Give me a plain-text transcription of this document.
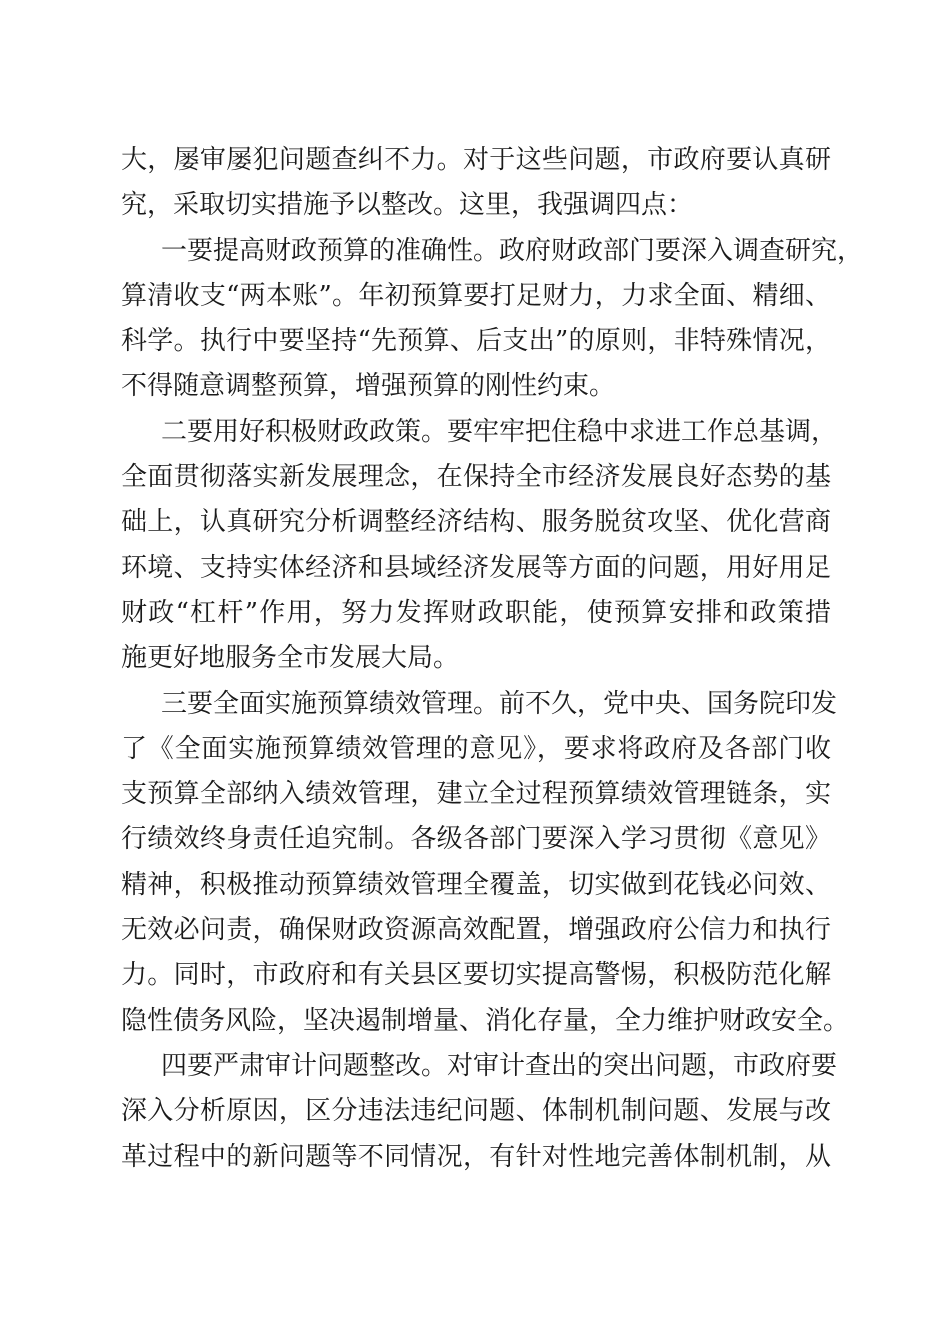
大，屡审屡犯问题查纠不力。对于这些问题，市政府要认真研
究，采取切实措施予以整改。这里，我强调四点：
一要提高财政预算的准确性。政府财政部门要深入调查研究，
算清收支“两本账”。年初预算要打足财力，力求全面、精细、
科学。执行中要坚持“先预算、后支出”的原则，非特殊情况，
不得随意调整预算，增强预算的刚性约束。
二要用好积极财政政策。要牢牢把住稳中求进工作总基调，
全面贯彻落实新发展理念，在保持全市经济发展良好态势的基
础上，认真研究分析调整经济结构、服务脱贫攻坚、优化营商
环境、支持实体经济和县域经济发展等方面的问题，用好用足
财政“杠杆”作用，努力发挥财政职能，使预算安排和政策措
施更好地服务全市发展大局。
三要全面实施预算绩效管理。前不久，党中央、国务院印发
了《全面实施预算绩效管理的意见》，要求将政府及各部门收
支预算全部纳入绩效管理，建立全过程预算绩效管理链条，实
行绩效终身责任追究制。各级各部门要深入学习贯彻《意见》
精神，积极推动预算绩效管理全覆盖，切实做到花钱必问效、
无效必问责，确保财政资源高效配置，增强政府公信力和执行
力。同时，市政府和有关县区要切实提高警惕，积极防范化解
隐性债务风险，坚决遏制增量、消化存量，全力维护财政安全。
四要严肃审计问题整改。对审计查出的突出问题，市政府要
深入分析原因，区分违法违纪问题、体制机制问题、发展与改
革过程中的新问题等不同情况，有针对性地完善体制机制，从
